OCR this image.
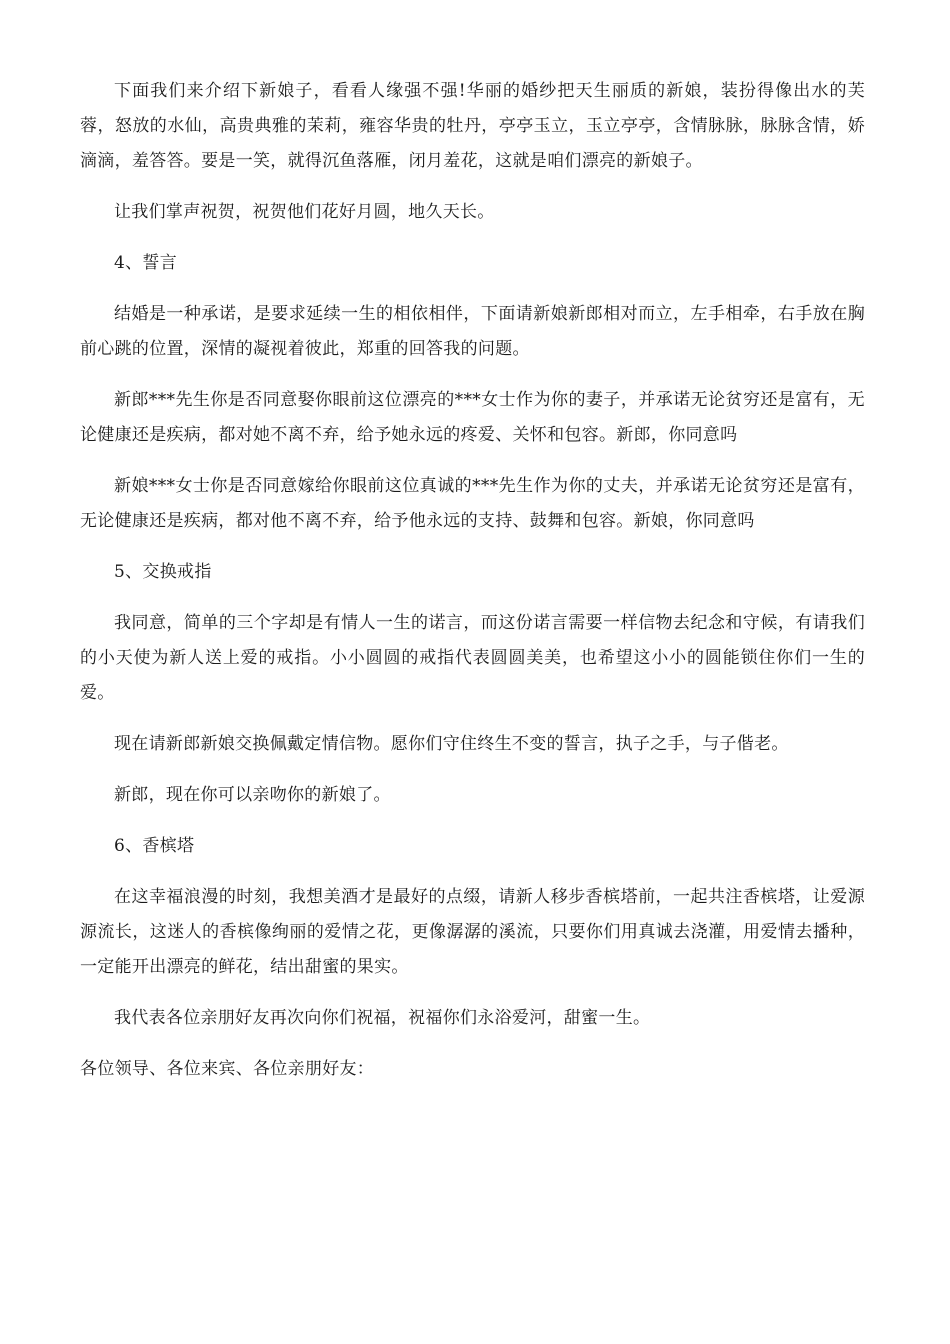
下面我们来介绍下新娘子，看看人缘强不强!华丽的婚纱把天生丽质的新娘，装扮得像出水的芙蓉，怒放的水仙，高贵典雅的茉莉，雍容华贵的牡丹，亭亭玉立，玉立亭亭，含情脉脉，脉脉含情，娇滴滴，羞答答。要是一笑，就得沉鱼落雁，闭月羞花，这就是咱们漂亮的新娘子。

让我们掌声祝贺，祝贺他们花好月圆，地久天长。

4、誓言

结婚是一种承诺，是要求延续一生的相依相伴，下面请新娘新郎相对而立，左手相牵，右手放在胸前心跳的位置，深情的凝视着彼此，郑重的回答我的问题。

新郎***先生你是否同意娶你眼前这位漂亮的***女士作为你的妻子，并承诺无论贫穷还是富有，无论健康还是疾病，都对她不离不弃，给予她永远的疼爱、关怀和包容。新郎，你同意吗

新娘***女士你是否同意嫁给你眼前这位真诚的***先生作为你的丈夫，并承诺无论贫穷还是富有，无论健康还是疾病，都对他不离不弃，给予他永远的支持、鼓舞和包容。新娘，你同意吗

5、交换戒指

我同意，简单的三个字却是有情人一生的诺言，而这份诺言需要一样信物去纪念和守候，有请我们的小天使为新人送上爱的戒指。小小圆圆的戒指代表圆圆美美，也希望这小小的圆能锁住你们一生的爱。

现在请新郎新娘交换佩戴定情信物。愿你们守住终生不变的誓言，执子之手，与子偕老。

新郎，现在你可以亲吻你的新娘了。

6、香槟塔

在这幸福浪漫的时刻，我想美酒才是最好的点缀，请新人移步香槟塔前，一起共注香槟塔，让爱源源流长，这迷人的香槟像绚丽的爱情之花，更像潺潺的溪流，只要你们用真诚去浇灌，用爱情去播种，一定能开出漂亮的鲜花，结出甜蜜的果实。

我代表各位亲朋好友再次向你们祝福，祝福你们永浴爱河，甜蜜一生。

各位领导、各位来宾、各位亲朋好友：
